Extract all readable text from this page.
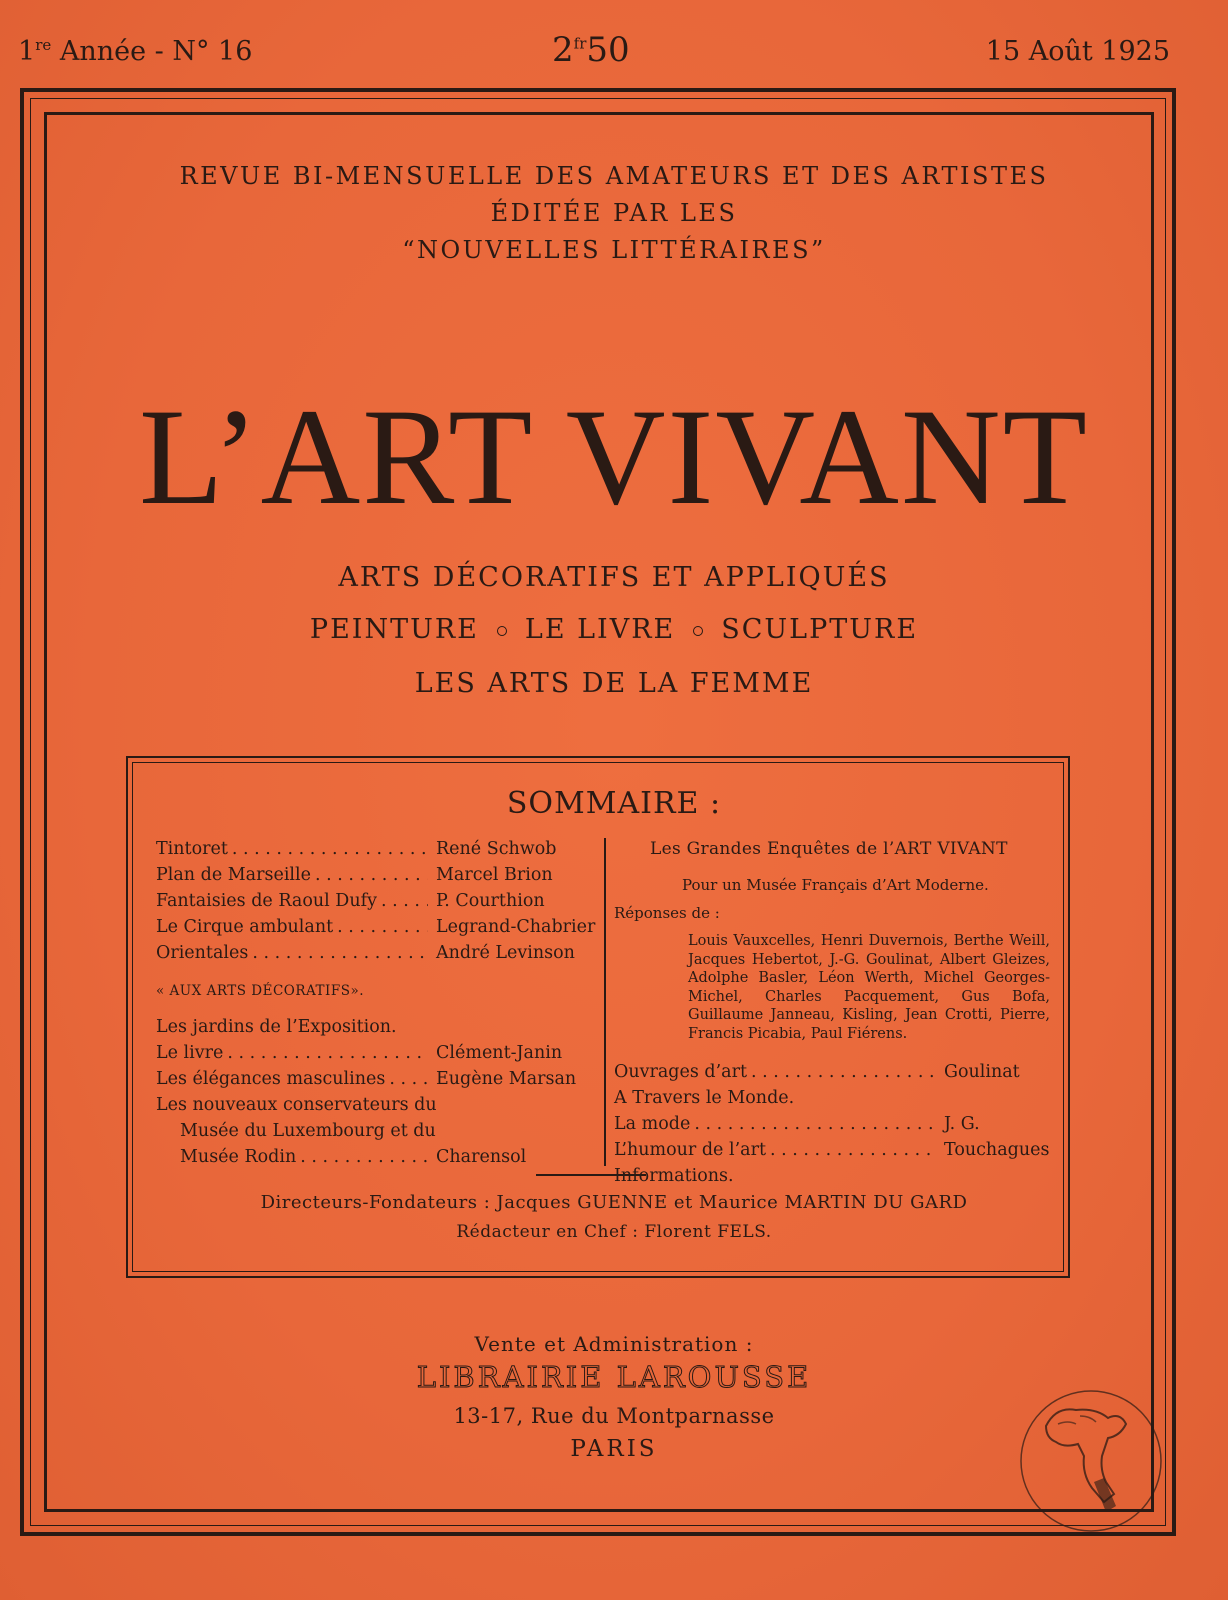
1re Année - N° 16	$2^{fr}50$	15 Août 1925
REVUE BI-MENSUELLE DES AMATEURS ET DES ARTISTES
ÉDITÉE PAR LES
“NOUVELLES LITTÉRAIRES”
L’ART VIVANT
ARTS DÉCORATIFS ET APPLIQUÉS
PEINTURE LE LIVRE SCULPTURE
LES ARTS DE LA FEMME
SOMMAIRE :
Tintoret . . .	René Schwob
Plan de Marseille . . .	Marcel Brion
Fantaisies de Raoul Dufy . . .	P. Courthion
Le Cirque ambulant . . .	Legrand-Chabrier
Orientales . . .	André Levinson
« AUX ARTS DÉCORATIFS».
Les jardins de l’Exposition.
Le livre . . .	Clément-Janin
Les élégances masculines . . .	Eugène Marsan
Les nouveaux conservateurs du
Musée du Luxembourg et du
Musée Rodin . . .	Charensol
Les Grandes Enquêtes de l’ART VIVANT
Pour un Musée Français d’Art Moderne.
Réponses de :
Louis Vauxcelles, Henri Duvernois, Berthe Weill, Jacques Hebertot, J.-G. Goulinat, Albert Gleizes, Adolphe Basler, Léon Werth, Michel Georges-Michel, Charles Pacquement, Gus Bofa, Guillaume Janneau, Kisling, Jean Crotti, Pierre, Francis Picabia, Paul Fiérens.
Ouvrages d’art . . .	Goulinat
A Travers le Monde.
La mode . . .	J. G.
L’humour de l’art . . .	Touchagues
Informations.
Directeurs-Fondateurs : Jacques GUENNE et Maurice MARTIN DU GARD
Rédacteur en Chef : Florent FELS.
Vente et Administration :
LIBRAIRIE LAROUSSE
13-17, Rue du Montparnasse
PARIS
